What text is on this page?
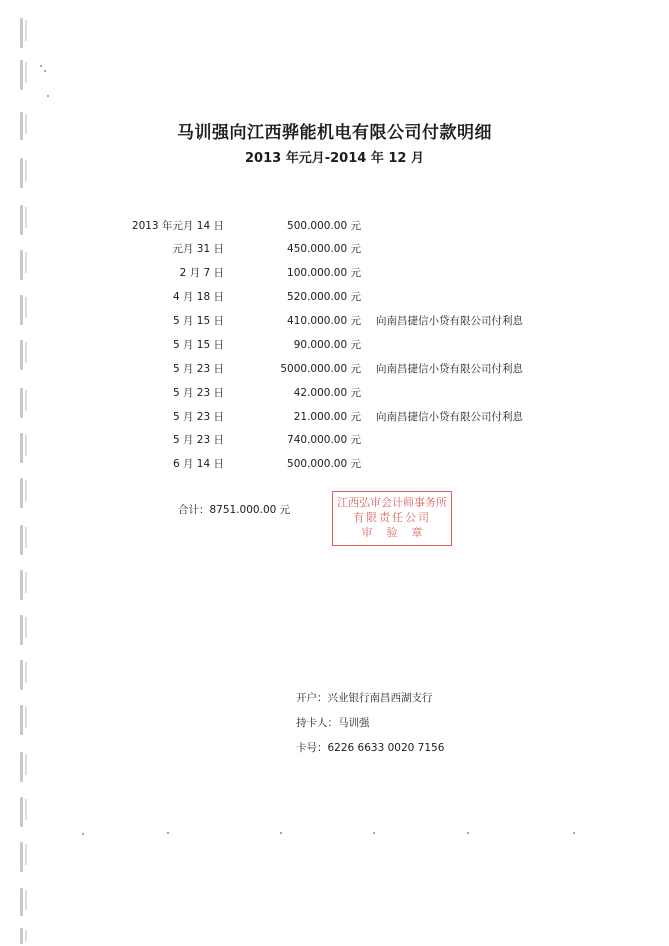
马训强向江西骅能机电有限公司付款明细
2013 年元月-2014 年 12 月
2013 年元月 14 日	500.000.00 元
元月 31 日	450.000.00 元
2 月 7 日	100.000.00 元
4 月 18 日	520.000.00 元
5 月 15 日	410.000.00 元 向南昌捷信小贷有限公司付利息
5 月 15 日	90.000.00 元
5 月 23 日	5000.000.00 元 向南昌捷信小贷有限公司付利息
5 月 23 日	42.000.00 元
5 月 23 日	21.000.00 元 向南昌捷信小贷有限公司付利息
5 月 23 日	740.000.00 元
6 月 14 日	500.000.00 元
合计：8751.000.00 元
江西弘审会计师事务所
有限责任公司
审验章
开户：兴业银行南昌西湖支行
持卡人：马训强
卡号：6226 6633 0020 7156
